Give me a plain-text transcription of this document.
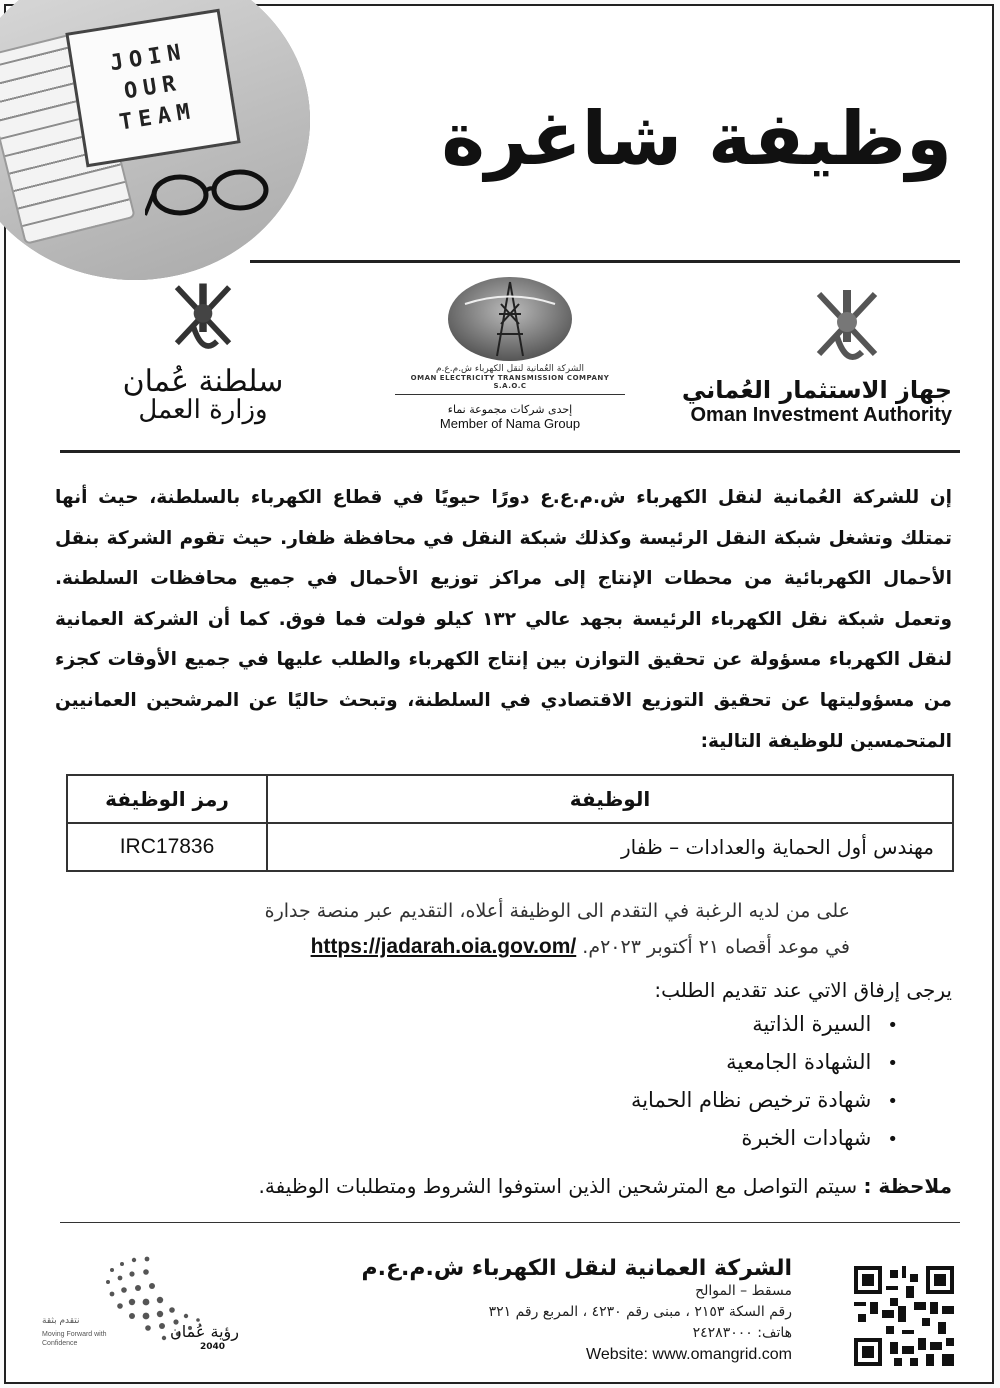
JOIN
OUR
TEAM	وظيفة شاغرة
جهاز الاستثمار العُماني
Oman Investment Authority
الشركة العُمانية لنقل الكهرباء ش.م.ع.م
OMAN ELECTRICITY TRANSMISSION COMPANY S.A.O.C
إحدى شركات مجموعة نماء
Member of Nama Group
سلطنة عُمان
وزارة العمل
إن للشركة العُمانية لنقل الكهرباء ش.م.ع.ع دورًا حيويًا في قطاع الكهرباء بالسلطنة، حيث أنها تمتلك وتشغل شبكة النقل الرئيسة وكذلك شبكة النقل في محافظة ظفار. حيث تقوم الشركة بنقل الأحمال الكهربائية من محطات الإنتاج إلى مراكز توزيع الأحمال في جميع محافظات السلطنة. وتعمل شبكة نقل الكهرباء الرئيسة بجهد عالي ١٣٢ كيلو فولت فما فوق. كما أن الشركة العمانية لنقل الكهرباء مسؤولة عن تحقيق التوازن بين إنتاج الكهرباء والطلب عليها في جميع الأوقات كجزء من مسؤوليتها عن تحقيق التوزيع الاقتصادي في السلطنة، وتبحث حاليًا عن المرشحين العمانيين المتحمسين للوظيفة التالية:
الوظيفة	رمز الوظيفة
مهندس أول الحماية والعدادات – ظفار	IRC17836
على من لديه الرغبة في التقدم الى الوظيفة أعلاه، التقديم عبر منصة جدارة
في موعد أقصاه ٢١ أكتوبر ٢٠٢٣م. https://jadarah.oia.gov.om/
يرجى إرفاق الاتي عند تقديم الطلب:
• السيرة الذاتية
• الشهادة الجامعية
• شهادة ترخيص نظام الحماية
• شهادات الخبرة
ملاحظة : سيتم التواصل مع المترشحين الذين استوفوا الشروط ومتطلبات الوظيفة.
الشركة العمانية لنقل الكهرباء ش.م.ع.م
مسقط – الموالح
رقم السكة ٢١٥٣ ، مبنى رقم ٤٢٣٠ ، المربع رقم ٣٢١
هاتف: ٢٤٢٨٣٠٠٠
Website: www.omangrid.com
رؤية عُمان
2040
نتقدم بثقة
Moving Forward with Confidence
